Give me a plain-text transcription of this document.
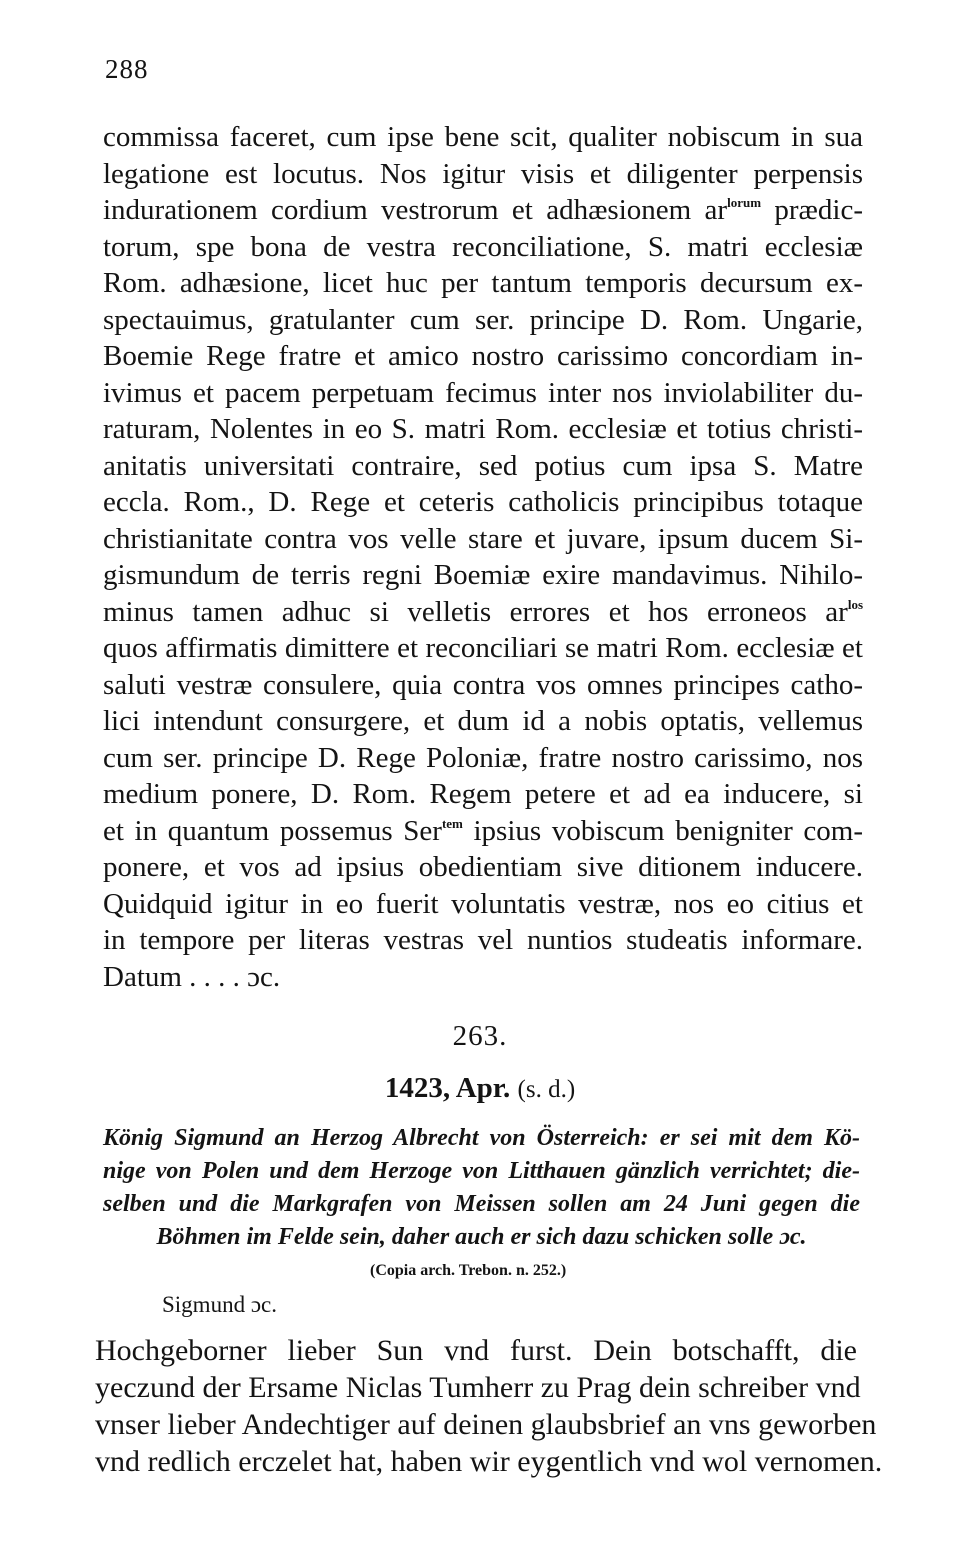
288
commissa faceret, cum ipse bene scit, qualiter nobiscum in sua
legatione est locutus. Nos igitur visis et diligenter perpensis
indurationem cordium vestrorum et adhæsionem $ar^{lorum}$ prædic-
torum, spe bona de vestra reconciliatione, S. matri ecclesiæ
Rom. adhæsione, licet huc per tantum temporis decursum ex-
spectauimus, gratulanter cum ser. principe D. Rom. Ungarie,
Boemie Rege fratre et amico nostro carissimo concordiam in-
ivimus et pacem perpetuam fecimus inter nos inviolabiliter du-
raturam, Nolentes in eo S. matri Rom. ecclesiæ et totius christi-
anitatis universitati contraire, sed potius cum ipsa S. Matre
eccla. Rom., D. Rege et ceteris catholicis principibus totaque
christianitate contra vos velle stare et juvare, ipsum ducem Si-
gismundum de terris regni Boemiæ exire mandavimus. Nihilo-
minus tamen adhuc si velletis errores et hos erroneos $ar^{los}$
quos affirmatis dimittere et reconciliari se matri Rom. ecclesiæ et
saluti vestræ consulere, quia contra vos omnes principes catho-
lici intendunt consurgere, et dum id a nobis optatis, vellemus
cum ser. principe D. Rege Poloniæ, fratre nostro carissimo, nos
medium ponere, D. Rom. Regem petere et ad ea inducere, si
et in quantum possemus Ser$^{tem}$ ipsius vobiscum benigniter com-
ponere, et vos ad ipsius obedientiam sive ditionem inducere.
Quidquid igitur in eo fuerit voluntatis vestræ, nos eo citius et
in tempore per literas vestras vel nuntios studeatis informare.
Datum . . . . ɔc.
263.
1423, Apr. (s. d.)
König Sigmund an Herzog Albrecht von Österreich: er sei mit dem Kö-
nige von Polen und dem Herzoge von Litthauen gänzlich verrichtet; die-
selben und die Markgrafen von Meissen sollen am 24 Juni gegen die
Böhmen im Felde sein, daher auch er sich dazu schicken solle ɔc.
(Copia arch. Trebon. n. 252.)
Sigmund ɔc.
Hochgeborner lieber Sun vnd furst. Dein botschafft, die
yeczund der Ersame Niclas Tumherr zu Prag dein schreiber vnd
vnser lieber Andechtiger auf deinen glaubsbrief an vns geworben
vnd redlich erczelet hat, haben wir eygentlich vnd wol vernomen.
